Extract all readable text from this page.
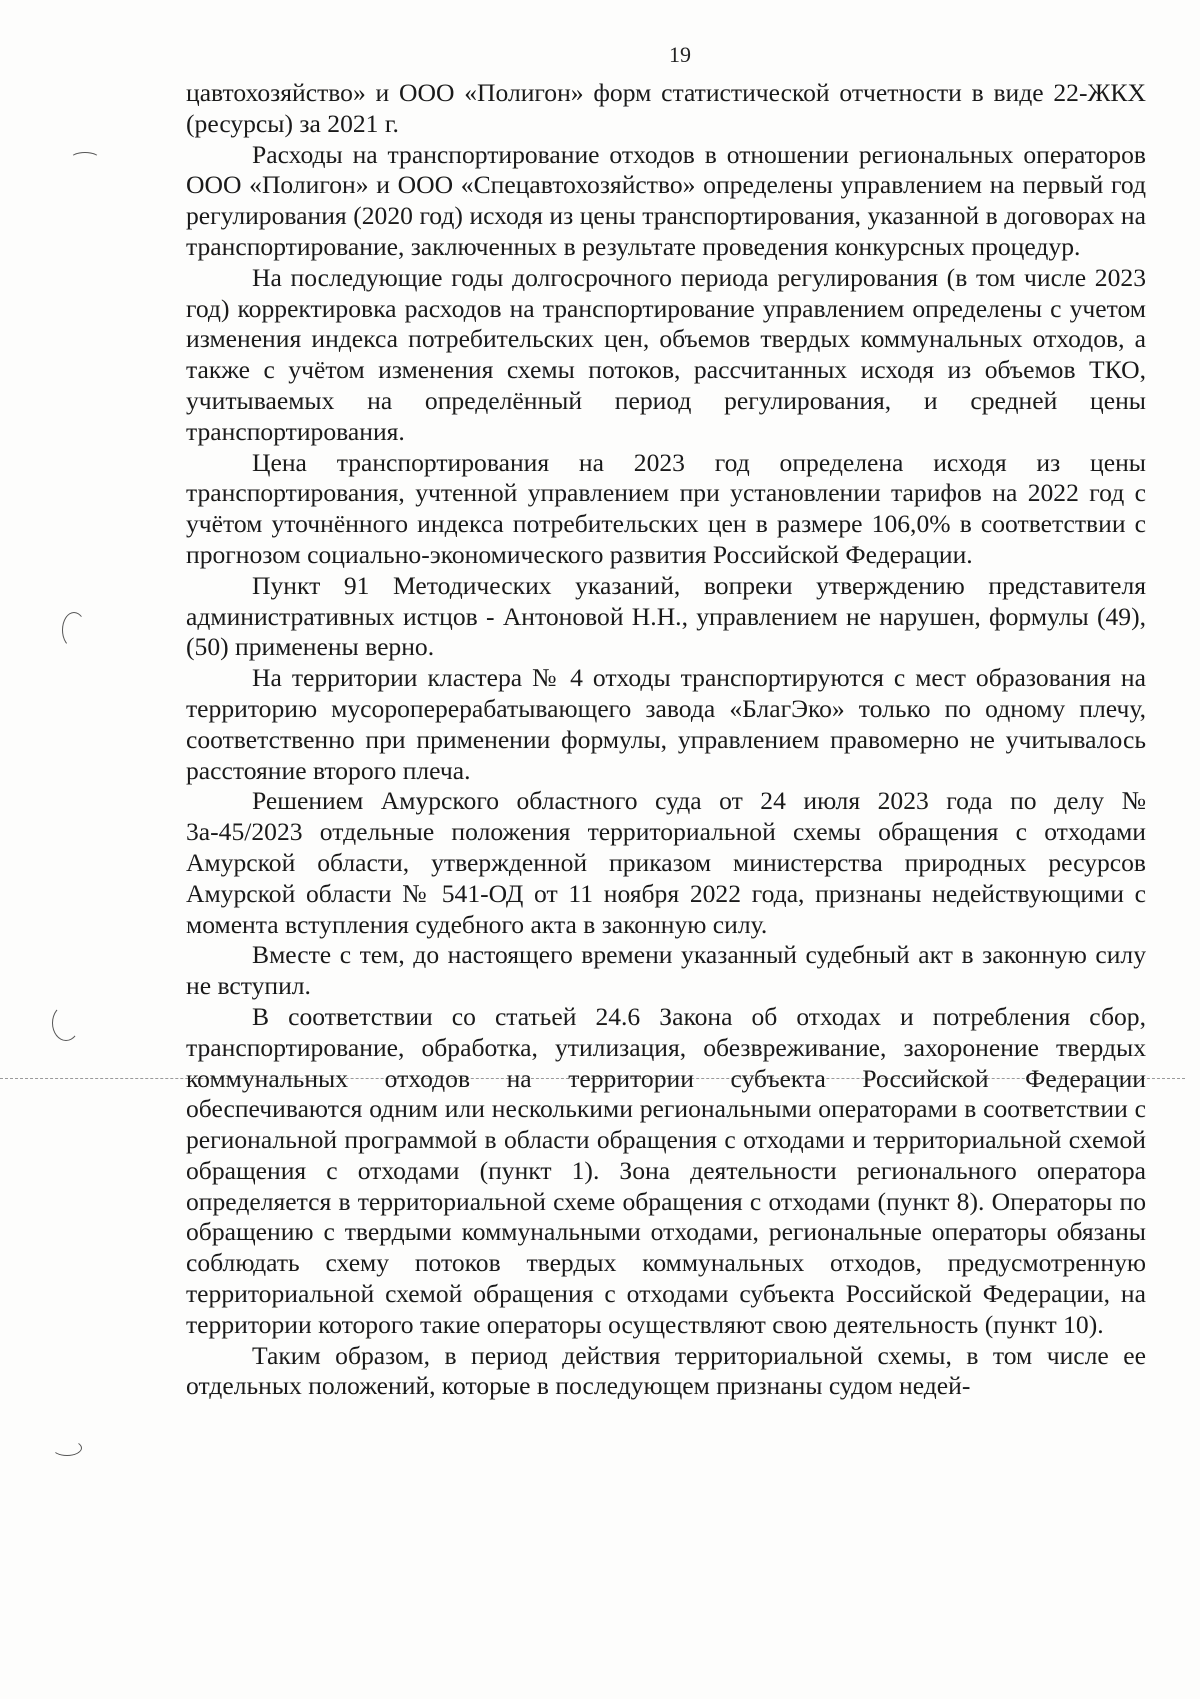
19

цавтохозяйство» и ООО «Полигон» форм статистической отчетности в виде 22-ЖКХ (ресурсы) за 2021 г.

Расходы на транспортирование отходов в отношении региональных операторов ООО «Полигон» и ООО «Спецавтохозяйство» определены управлением на первый год регулирования (2020 год) исходя из цены транспортирования, указанной в договорах на транспортирование, заключенных в результате проведения конкурсных процедур.

На последующие годы долгосрочного периода регулирования (в том числе 2023 год) корректировка расходов на транспортирование управлением определены с учетом изменения индекса потребительских цен, объемов твердых коммунальных отходов, а также с учётом изменения схемы потоков, рассчитанных исходя из объемов ТКО, учитываемых на определённый период регулирования, и средней цены транспортирования.

Цена транспортирования на 2023 год определена исходя из цены транспортирования, учтенной управлением при установлении тарифов на 2022 год с учётом уточнённого индекса потребительских цен в размере 106,0% в соответствии с прогнозом социально-экономического развития Российской Федерации.

Пункт 91 Методических указаний, вопреки утверждению представителя административных истцов - Антоновой Н.Н., управлением не нарушен, формулы (49), (50) применены верно.

На территории кластера № 4 отходы транспортируются с мест образования на территорию мусороперерабатывающего завода «БлагЭко» только по одному плечу, соответственно при применении формулы, управлением правомерно не учитывалось расстояние второго плеча.

Решением Амурского областного суда от 24 июля 2023 года по делу № 3а-45/2023 отдельные положения территориальной схемы обращения с отходами Амурской области, утвержденной приказом министерства природных ресурсов Амурской области № 541-ОД от 11 ноября 2022 года, признаны недействующими с момента вступления судебного акта в законную силу.

Вместе с тем, до настоящего времени указанный судебный акт в законную силу не вступил.

В соответствии со статьей 24.6 Закона об отходах и потребления сбор, транспортирование, обработка, утилизация, обезвреживание, захоронение твердых коммунальных отходов на территории субъекта Российской Федерации обеспечиваются одним или несколькими региональными операторами в соответствии с региональной программой в области обращения с отходами и территориальной схемой обращения с отходами (пункт 1). Зона деятельности регионального оператора определяется в территориальной схеме обращения с отходами (пункт 8). Операторы по обращению с твердыми коммунальными отходами, региональные операторы обязаны соблюдать схему потоков твердых коммунальных отходов, предусмотренную территориальной схемой обращения с отходами субъекта Российской Федерации, на территории которого такие операторы осуществляют свою деятельность (пункт 10).

Таким образом, в период действия территориальной схемы, в том числе ее отдельных положений, которые в последующем признаны судом недей-
